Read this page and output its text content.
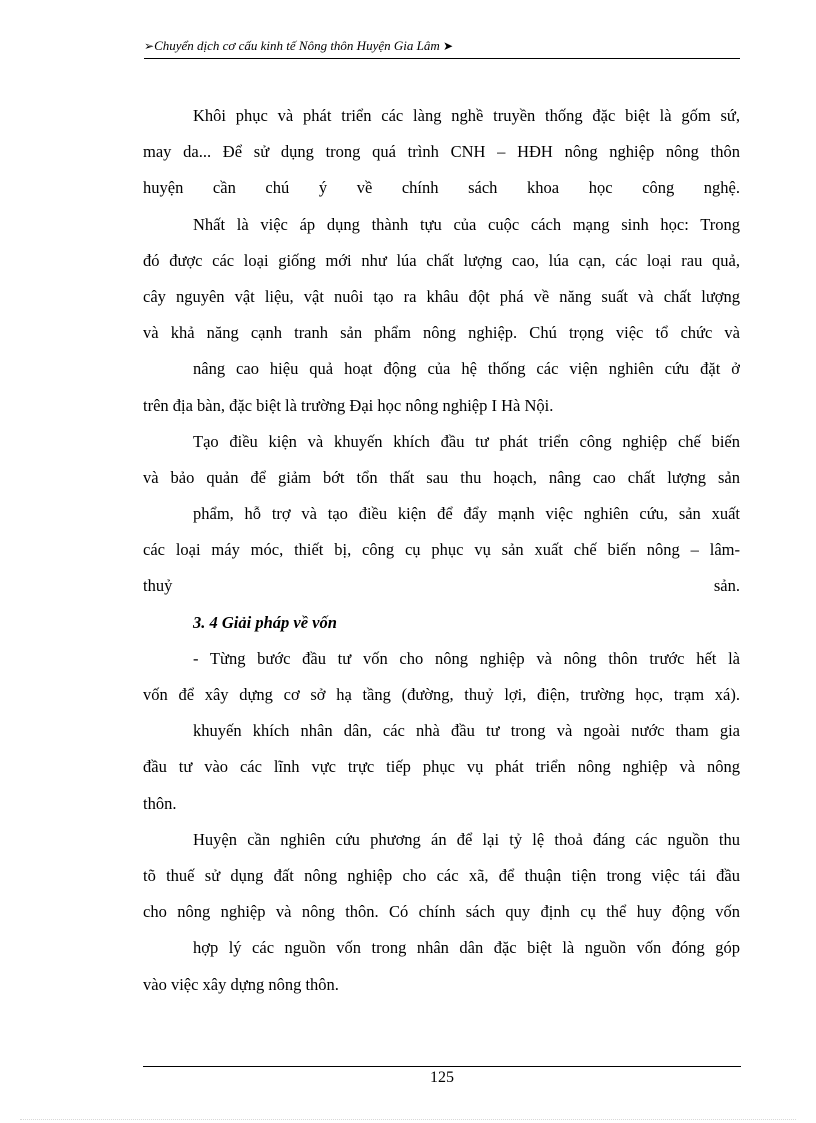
➢Chuyển dịch cơ cấu kinh tế Nông thôn Huyện Gia Lâm ➤
Khôi phục và phát triển các làng nghề truyền thống đặc biệt là gốm sứ,
may da... Để sử dụng trong quá trình CNH – HĐH nông nghiệp nông thôn
huyện cần chú ý về chính sách khoa học công nghệ.
Nhất là việc áp dụng thành tựu của cuộc cách mạng sinh học: Trong
đó được các loại giống mới như lúa chất lượng cao, lúa cạn, các loại rau quả,
cây nguyên vật liệu, vật nuôi tạo ra khâu đột phá về năng suất và chất lượng
và khả năng cạnh tranh sản phẩm nông nghiệp. Chú trọng việc tổ chức và
nâng cao hiệu quả hoạt động của hệ thống các viện nghiên cứu đặt ở
trên địa bàn, đặc biệt là trường Đại học nông nghiệp I Hà Nội.
Tạo điều kiện và khuyến khích đầu tư phát triển công nghiệp chế biến
và bảo quản để giảm bớt tổn thất sau thu hoạch, nâng cao chất lượng sản
phẩm, hỗ trợ và tạo điều kiện để đẩy mạnh việc nghiên cứu, sản xuất
các loại máy móc, thiết bị, công cụ phục vụ sản xuất chế biến nông – lâm-
thuỷ sản.
3. 4 Giải pháp về vốn
- Từng bước đầu tư vốn cho nông nghiệp và nông thôn trước hết là
vốn để xây dựng cơ sở hạ tầng (đường, thuỷ lợi, điện, trường học, trạm xá).
khuyến khích nhân dân, các nhà đầu tư trong và ngoài nước tham gia
đầu tư vào các lĩnh vực trực tiếp phục vụ phát triển nông nghiệp và nông
thôn.
Huyện cần nghiên cứu phương án để lại tỷ lệ thoả đáng các nguồn thu
tõ thuế sử dụng đất nông nghiệp cho các xã, để thuận tiện trong việc tái đầu
cho nông nghiệp và nông thôn. Có chính sách quy định cụ thể huy động vốn
hợp lý các nguồn vốn trong nhân dân đặc biệt là nguồn vốn đóng góp
vào việc xây dựng nông thôn.
125
